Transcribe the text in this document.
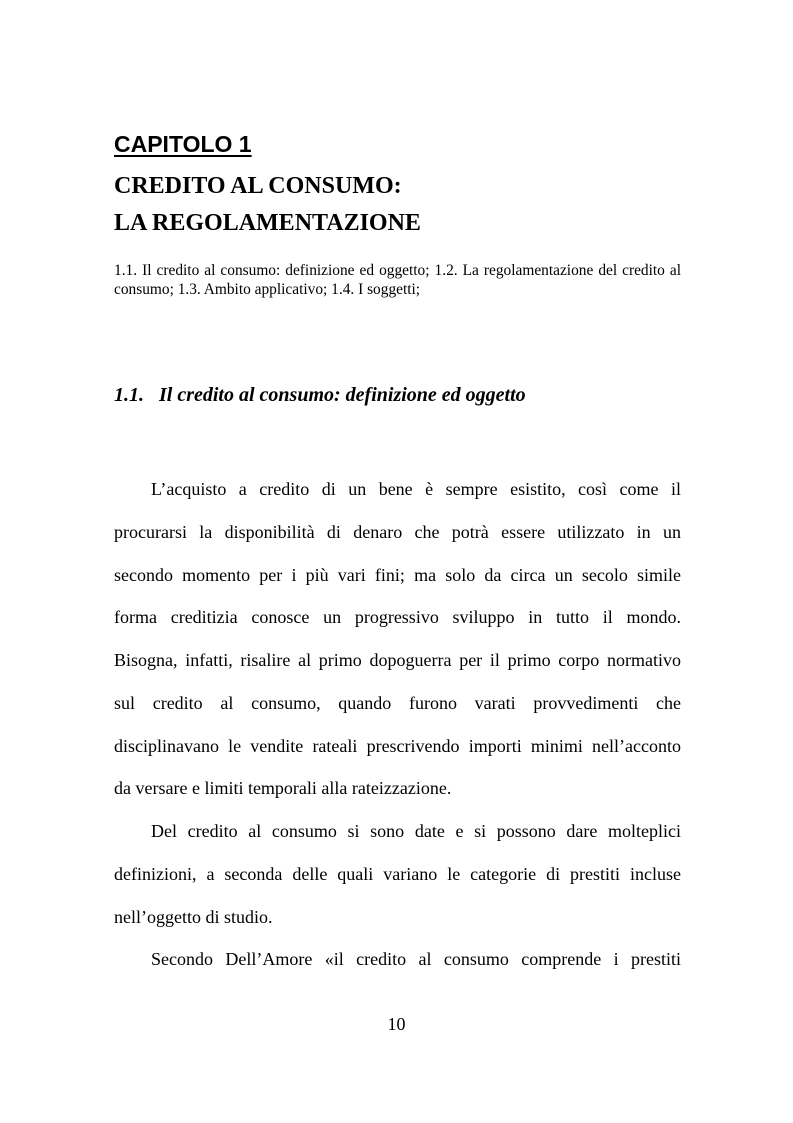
CAPITOLO 1
CREDITO AL CONSUMO:
LA REGOLAMENTAZIONE

1.1. Il credito al consumo: definizione ed oggetto; 1.2. La regolamentazione del credito al consumo; 1.3. Ambito applicativo; 1.4. I soggetti;

1.1. Il credito al consumo: definizione ed oggetto

L’acquisto a credito di un bene è sempre esistito, così come il

procurarsi la disponibilità di denaro che potrà essere utilizzato in un

secondo momento per i più vari fini; ma solo da circa un secolo simile

forma creditizia conosce un progressivo sviluppo in tutto il mondo.

Bisogna, infatti, risalire al primo dopoguerra per il primo corpo normativo

sul credito al consumo, quando furono varati provvedimenti che

disciplinavano le vendite rateali prescrivendo importi minimi nell’acconto

da versare e limiti temporali alla rateizzazione.

Del credito al consumo si sono date e si possono dare molteplici

definizioni, a seconda delle quali variano le categorie di prestiti incluse

nell’oggetto di studio.

Secondo Dell’Amore «il credito al consumo comprende i prestiti

10
